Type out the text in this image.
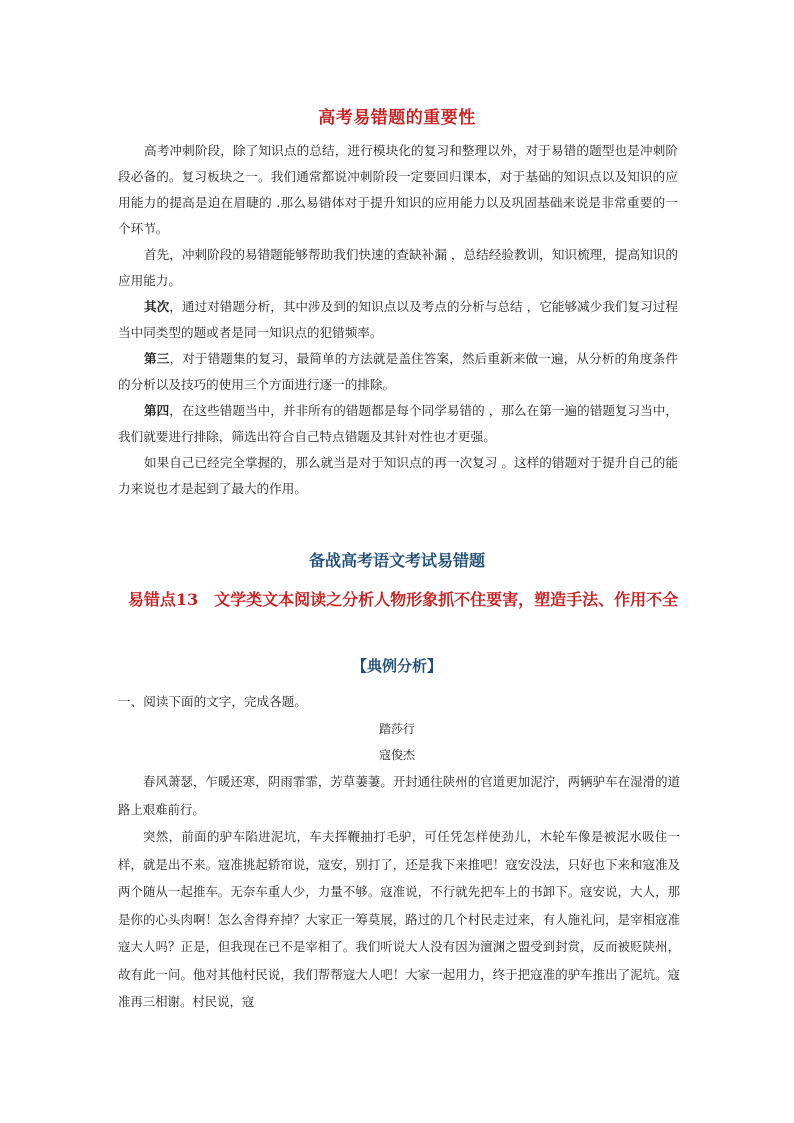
高考易错题的重要性

高考冲刺阶段，除了知识点的总结，进行模块化的复习和整理以外，对于易错的题型也是冲刺阶段必备的。复习板块之一。我们通常都说冲刺阶段一定要回归课本，对于基础的知识点以及知识的应用能力的提高是迫在眉睫的 .那么易错体对于提升知识的应用能力以及巩固基础来说是非常重要的一个环节。

首先，冲刺阶段的易错题能够帮助我们快速的查缺补漏 ，总结经验教训，知识梳理，提高知识的应用能力。

其次，通过对错题分析，其中涉及到的知识点以及考点的分析与总结 ，它能够减少我们复习过程当中同类型的题或者是同一知识点的犯错频率。

第三，对于错题集的复习，最简单的方法就是盖住答案，然后重新来做一遍，从分析的角度条件的分析以及技巧的使用三个方面进行逐一的排除。

第四，在这些错题当中，并非所有的错题都是每个同学易错的 ，那么在第一遍的错题复习当中，我们就要进行排除，筛选出符合自己特点错题及其针对性也才更强。

如果自己已经完全掌握的，那么就当是对于知识点的再一次复习 。这样的错题对于提升自己的能力来说也才是起到了最大的作用。

备战高考语文考试易错题
易错点13　文学类文本阅读之分析人物形象抓不住要害，塑造手法、作用不全
【典例分析】
一、阅读下面的文字，完成各题。
踏莎行
寇俊杰

春风萧瑟，乍暖还寒，阴雨霏霏，芳草萋萋。开封通往陕州的官道更加泥泞，两辆驴车在湿滑的道路上艰难前行。

突然，前面的驴车陷进泥坑，车夫挥鞭抽打毛驴，可任凭怎样使劲儿，木轮车像是被泥水吸住一样，就是出不来。寇准挑起轿帘说，寇安，别打了，还是我下来推吧！寇安没法，只好也下来和寇准及两个随从一起推车。无奈车重人少，力量不够。寇准说，不行就先把车上的书卸下。寇安说，大人，那是你的心头肉啊！怎么舍得弃掉？大家正一筹莫展，路过的几个村民走过来，有人施礼问，是宰相寇准寇大人吗？正是，但我现在已不是宰相了。我们听说大人没有因为澶渊之盟受到封赏，反而被贬陕州，故有此一问。他对其他村民说，我们帮帮寇大人吧！大家一起用力，终于把寇准的驴车推出了泥坑。寇准再三相谢。村民说，寇
